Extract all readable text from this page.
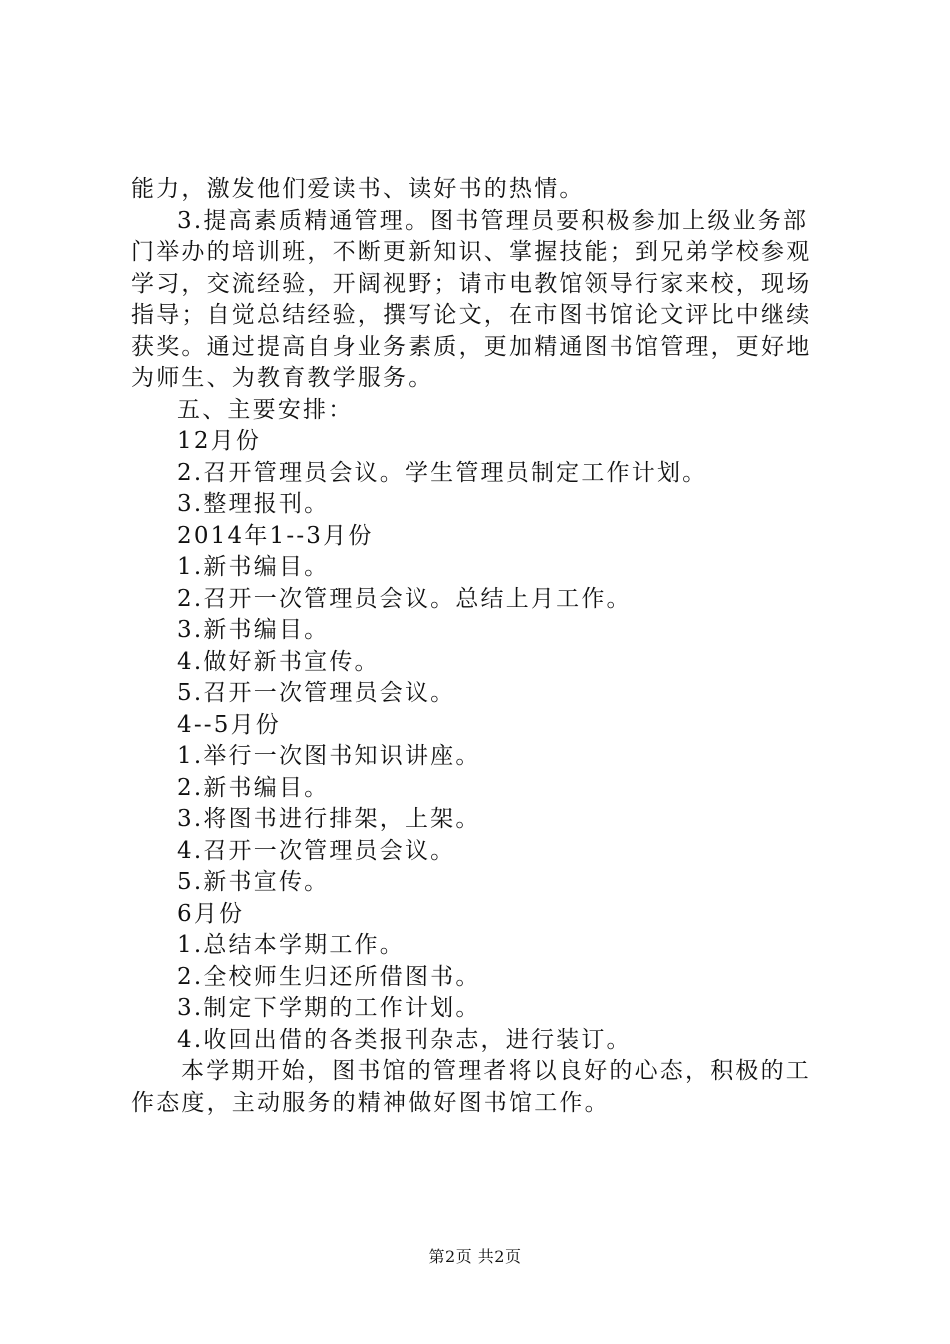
能力，激发他们爱读书、读好书的热情。
3.提高素质精通管理。图书管理员要积极参加上级业务部
门举办的培训班，不断更新知识、掌握技能；到兄弟学校参观
学习，交流经验，开阔视野；请市电教馆领导行家来校，现场
指导；自觉总结经验，撰写论文，在市图书馆论文评比中继续
获奖。通过提高自身业务素质，更加精通图书馆管理，更好地
为师生、为教育教学服务。
五、主要安排：
12月份
2.召开管理员会议。学生管理员制定工作计划。
3.整理报刊。
2014年1--3月份
1.新书编目。
2.召开一次管理员会议。总结上月工作。
3.新书编目。
4.做好新书宣传。
5.召开一次管理员会议。
4--5月份
1.举行一次图书知识讲座。
2.新书编目。
3.将图书进行排架，上架。
4.召开一次管理员会议。
5.新书宣传。
6月份
1.总结本学期工作。
2.全校师生归还所借图书。
3.制定下学期的工作计划。
4.收回出借的各类报刊杂志，进行装订。
本学期开始，图书馆的管理者将以良好的心态，积极的工
作态度，主动服务的精神做好图书馆工作。
第2页 共2页
